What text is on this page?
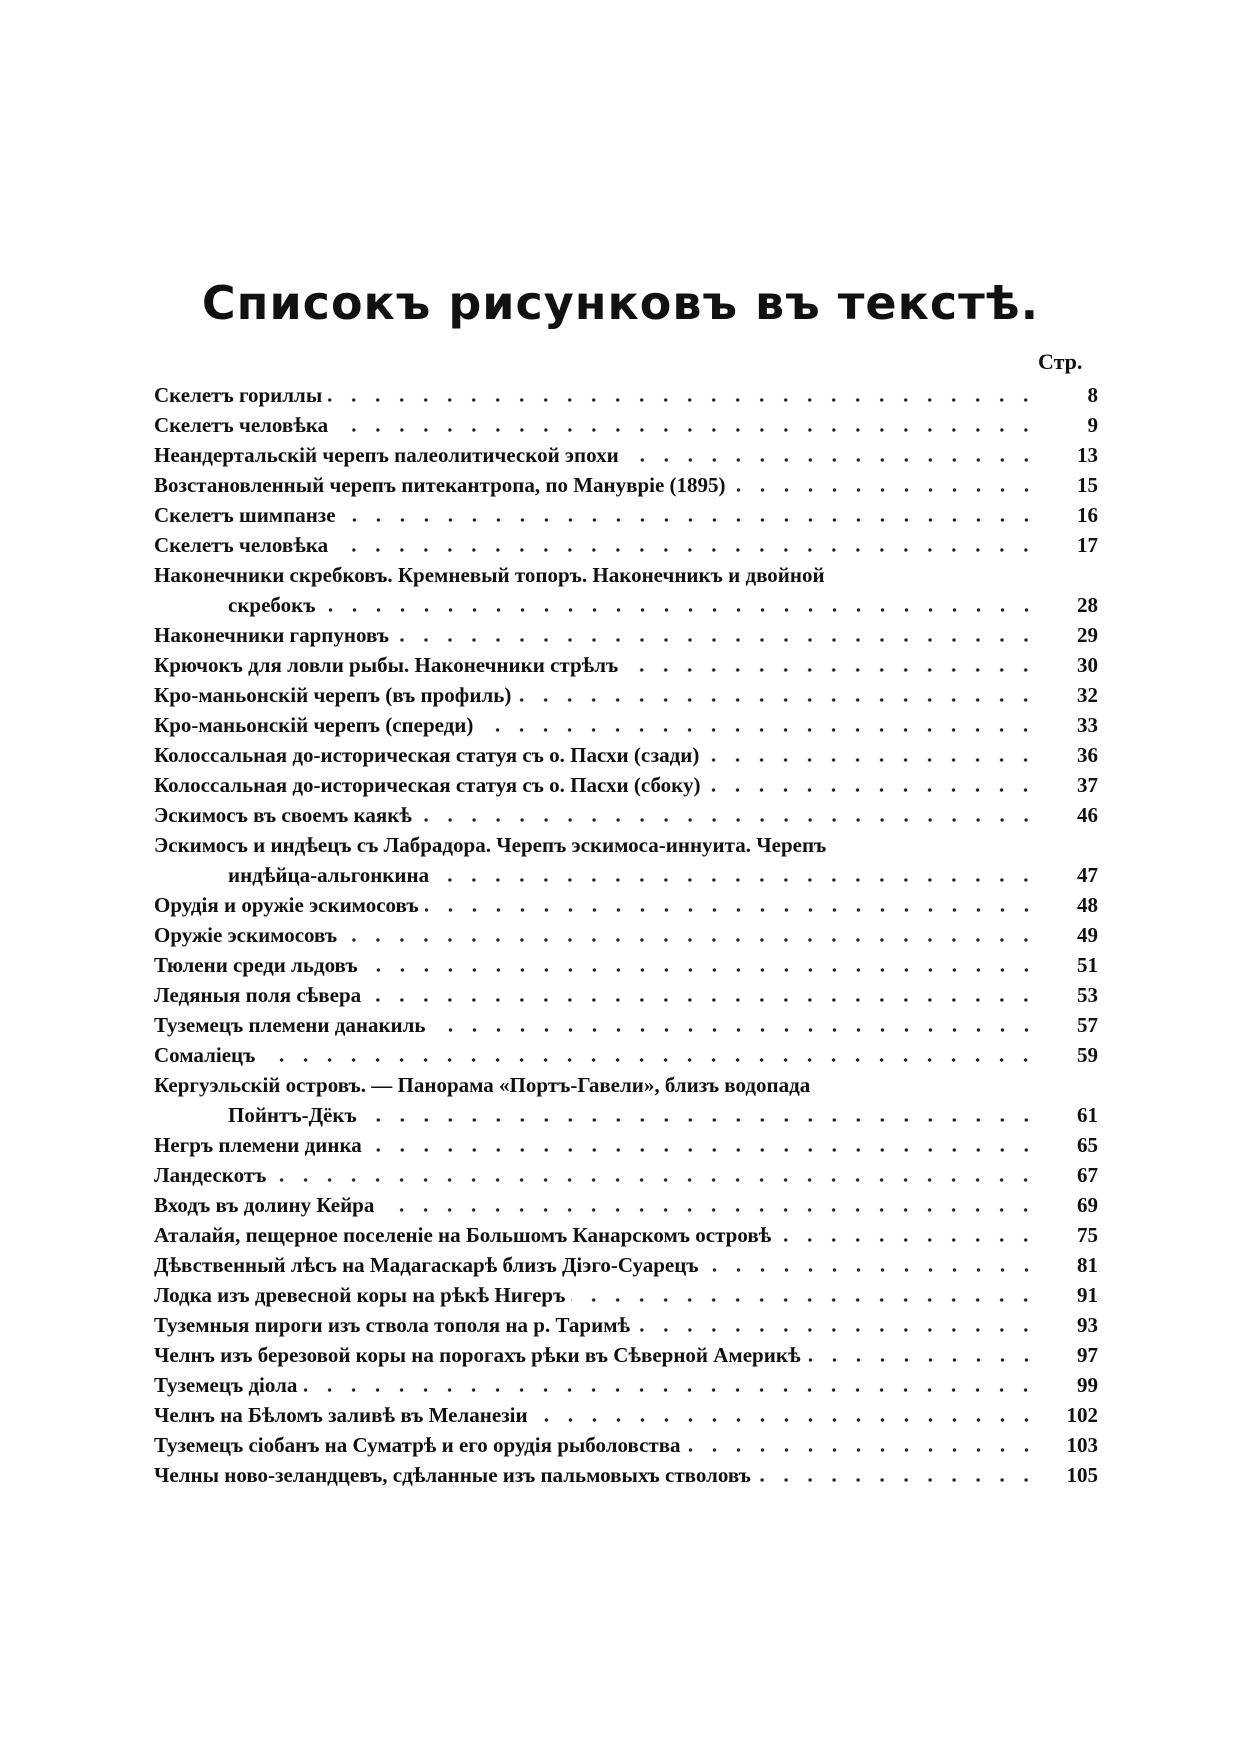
Списокъ рисунковъ въ текстѣ.
Стр.
Скелетъ гориллы	8
Скелетъ человѣка	9
Неандертальскій черепъ палеолитической эпохи	13
Возстановленный черепъ питекантропа, по Мануврiе (1895)	15
Скелетъ шимпанзе	16
Скелетъ человѣка	17
Наконечники скребковъ. Кремневый топоръ. Наконечникъ и двойной
скребокъ	28
Наконечники гарпуновъ	29
Крючокъ для ловли рыбы. Наконечники стрѣлъ	30
Кро-маньонскій черепъ (въ профиль)	32
Кро-маньонскій черепъ (спереди)	33
Колоссальная до-историческая статуя съ о. Пасхи (сзади)	36
Колоссальная до-историческая статуя съ о. Пасхи (сбоку)	37
Эскимосъ въ своемъ каякѣ	46
Эскимосъ и индѣецъ съ Лабрадора. Черепъ эскимоса-иннуита. Черепъ
индѣйца-альгонкина	47
Орудія и оружіе эскимосовъ	48
Оружіе эскимосовъ	49
Тюлени среди льдовъ	51
Ледяныя поля сѣвера	53
Туземецъ племени данакиль	57
Сомаліецъ	59
Кергуэльскій островъ. — Панорама «Портъ-Гавели», близъ водопада
Пойнтъ-Дёкъ	61
Негръ племени динка	65
Ландескотъ	67
Входъ въ долину Кейра	69
Аталайя, пещерное поселеніе на Большомъ Канарскомъ островѣ	75
Дѣвственный лѣсъ на Мадагаскарѣ близъ Діэго-Суарецъ	81
Лодка изъ древесной коры на рѣкѣ Нигеръ	91
Туземныя пироги изъ ствола тополя на р. Таримѣ	93
Челнъ изъ березовой коры на порогахъ рѣки въ Сѣверной Америкѣ	97
Туземецъ діола	99
Челнъ на Бѣломъ заливѣ въ Меланезіи	102
Туземецъ сіобанъ на Суматрѣ и его орудія рыболовства	103
Челны ново-зеландцевъ, сдѣланные изъ пальмовыхъ стволовъ	105
